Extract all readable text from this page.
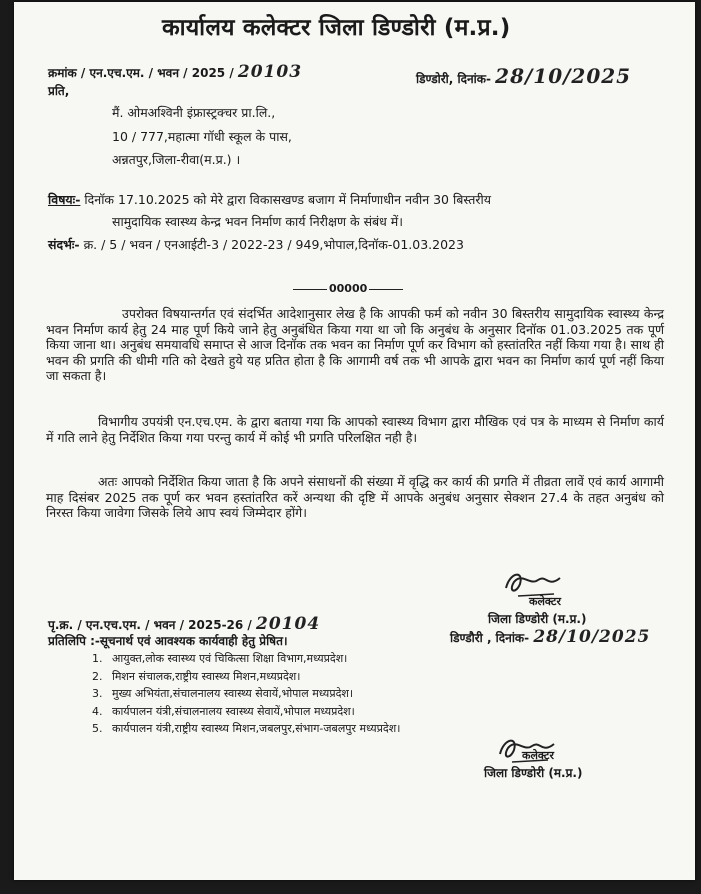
कार्यालय कलेक्टर जिला डिण्डोरी (म.प्र.)
क्रमांक / एन.एच.एम. / भवन / 2025 / 20103	डिण्डोरी, दिनांक- 28/10/2025
प्रति,
मैं. ओमअश्विनी इंफ्रास्ट्रक्चर प्रा.लि.,
10 / 777,महात्मा गॉधी स्कूल के पास,
अन्नतपुर,जिला-रीवा(म.प्र.) ।
विषयः- दिनॉक 17.10.2025 को मेरे द्वारा विकासखण्ड बजाग में निर्माणाधीन नवीन 30 बिस्तरीय
सामुदायिक स्वास्थ्य केन्द्र भवन निर्माण कार्य निरीक्षण के संबंध में।
संदर्भः- क्र. / 5 / भवन / एनआईटी-3 / 2022-23 / 949,भोपाल,दिनॉक-01.03.2023
00000
उपरोक्त विषयान्तर्गत एवं संदर्भित आदेशानुसार लेख है कि आपकी फर्म को नवीन 30 बिस्तरीय सामुदायिक स्वास्थ्य केन्द्र भवन निर्माण कार्य हेतु 24 माह पूर्ण किये जाने हेतु अनुबंधित किया गया था जो कि अनुबंध के अनुसार दिनॉक 01.03.2025 तक पूर्ण किया जाना था। अनुबंध समयावधि समाप्त से आज दिनॉक तक भवन का निर्माण पूर्ण कर विभाग को हस्तांतरित नहीं किया गया है। साथ ही भवन की प्रगति की धीमी गति को देखते हुये यह प्रतित होता है कि आगामी वर्ष तक भी आपके द्वारा भवन का निर्माण कार्य पूर्ण नहीं किया जा सकता है।
विभागीय उपयंत्री एन.एच.एम. के द्वारा बताया गया कि आपको स्वास्थ्य विभाग द्वारा मौखिक एवं पत्र के माध्यम से निर्माण कार्य में गति लाने हेतु निर्देशित किया गया परन्तु कार्य में कोई भी प्रगति परिलक्षित नही है।
अतः आपको निर्देशित किया जाता है कि अपने संसाधनों की संख्या में वृद्धि कर कार्य की प्रगति में तीव्रता लावें एवं कार्य आगामी माह दिसंबर 2025 तक पूर्ण कर भवन हस्तांतरित करें अन्यथा की दृष्टि में आपके अनुबंध अनुसार सेक्शन 27.4 के तहत अनुबंध को निरस्त किया जावेगा जिसके लिये आप स्वयं जिम्मेदार होंगे।
कलेक्टर
जिला डिण्डोरी (म.प्र.)
पृ.क्र. / एन.एच.एम. / भवन / 2025-26 / 20104
डिण्डौरी , दिनांक- 28/10/2025
प्रतिलिपि :-सूचनार्थ एवं आवश्यक कार्यवाही हेतु प्रेषित।
1. आयुक्त,लोक स्वास्थ्य एवं चिकित्सा शिक्षा विभाग,मध्यप्रदेश।
2. मिशन संचालक,राष्ट्रीय स्वास्थ्य मिशन,मध्यप्रदेश।
3. मुख्य अभियंता,संचालनालय स्वास्थ्य सेवायें,भोपाल मध्यप्रदेश।
4. कार्यपालन यंत्री,संचालनालय स्वास्थ्य सेवायें,भोपाल मध्यप्रदेश।
5. कार्यपालन यंत्री,राष्ट्रीय स्वास्थ्य मिशन,जबलपुर,संभाग-जबलपुर मध्यप्रदेश।
कलेक्टर
जिला डिण्डोरी (म.प्र.)
